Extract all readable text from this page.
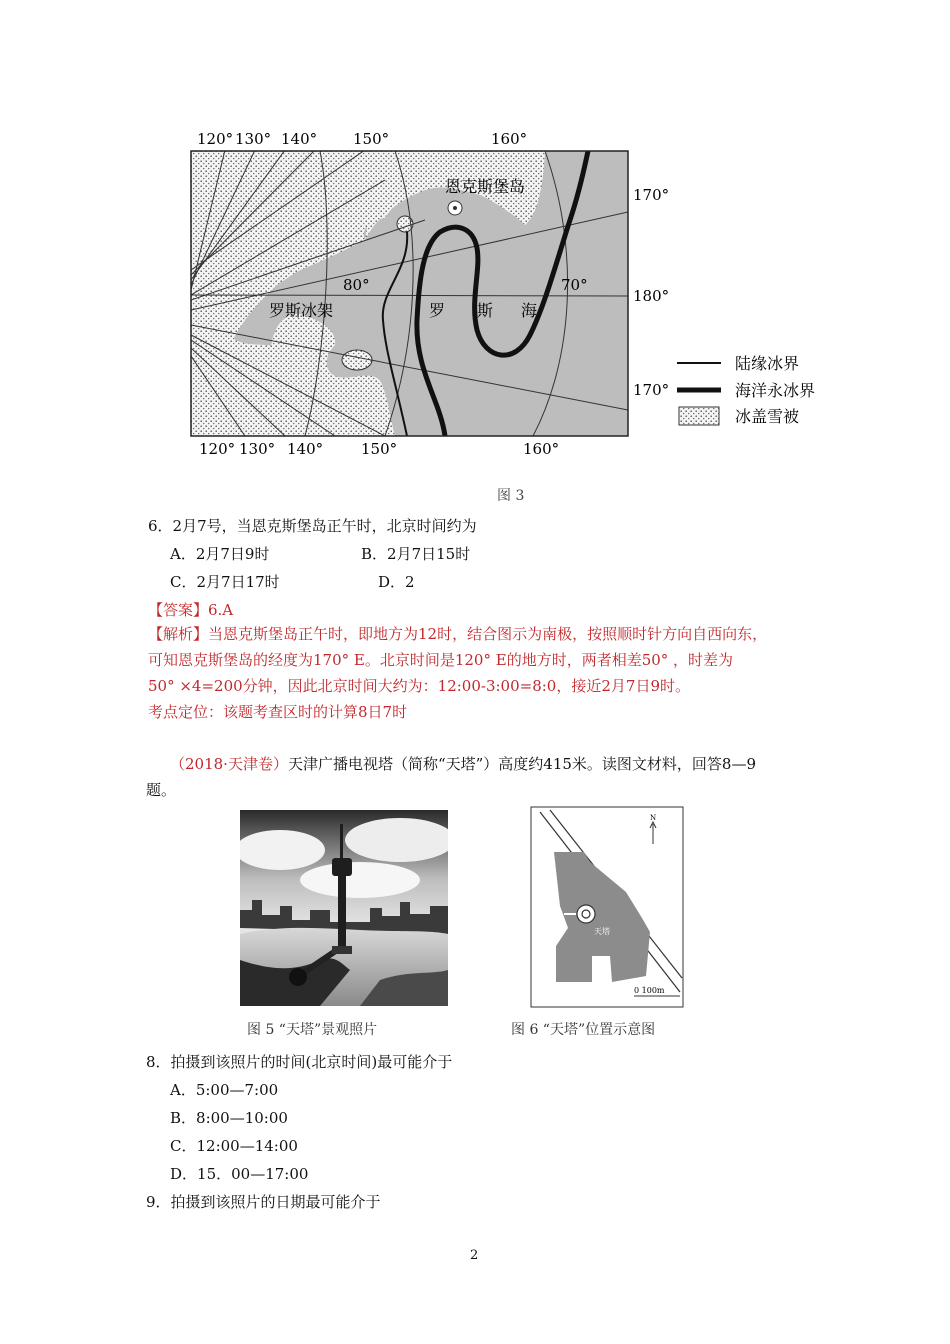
120° 130° 140° 150°	160°
120° 130° 140°	150°	160°
170°
180°
170°
80°	70°
恩克斯堡岛
罗斯冰架	罗 斯 海
陆缘冰界
海洋永冰界
冰盖雪被
图 3
6．2月7号，当恩克斯堡岛正午时，北京时间约为
A．2月7日9时	B．2月7日15时
C．2月7日17时	D．2
【答案】6.A
【解析】当恩克斯堡岛正午时，即地方为12时，结合图示为南极，按照顺时针方向自西向东，
可知恩克斯堡岛的经度为170° E。北京时间是120° E的地方时，两者相差50° ，时差为
50° ×4=200分钟，因此北京时间大约为：12:00-3:00=8:0，接近2月7日9时。
考点定位：该题考查区时的计算8日7时
（2018·天津卷）天津广播电视塔（简称“天塔”）高度约415米。读图文材料，回答8—9
题。
图 5 “天塔”景观照片
天塔
N
0 100m
图 6 “天塔”位置示意图
8．拍摄到该照片的时间(北京时间)最可能介于
A．5:00—7:00
B．8:00—10:00
C．12:00—14:00
D．15．00—17:00
9．拍摄到该照片的日期最可能介于
2
